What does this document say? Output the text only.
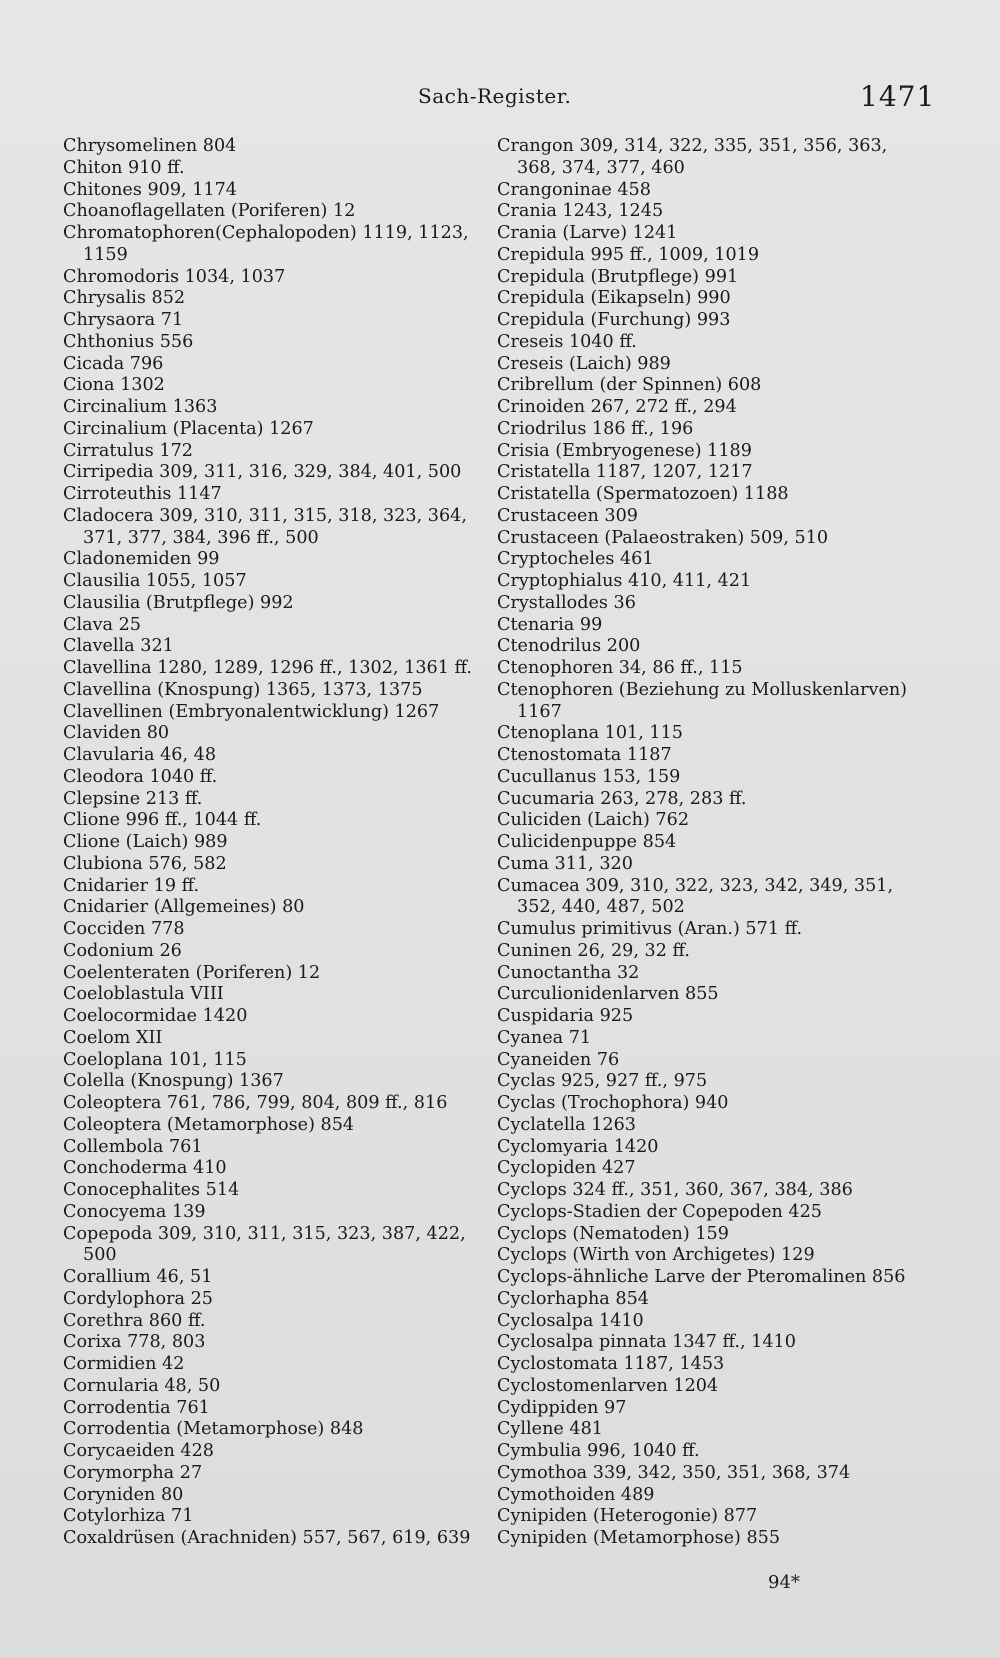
Sach-Register.	1471
Chrysomelinen 804
Chiton 910 ff.
Chitones 909, 1174
Choanoflagellaten (Poriferen) 12
Chromatophoren(Cephalopoden) 1119, 1123, 1159
Chromodoris 1034, 1037
Chrysalis 852
Chrysaora 71
Chthonius 556
Cicada 796
Ciona 1302
Circinalium 1363
Circinalium (Placenta) 1267
Cirratulus 172
Cirripedia 309, 311, 316, 329, 384, 401, 500
Cirroteuthis 1147
Cladocera 309, 310, 311, 315, 318, 323, 364, 371, 377, 384, 396 ff., 500
Cladonemiden 99
Clausilia 1055, 1057
Clausilia (Brutpflege) 992
Clava 25
Clavella 321
Clavellina 1280, 1289, 1296 ff., 1302, 1361 ff.
Clavellina (Knospung) 1365, 1373, 1375
Clavellinen (Embryonalentwicklung) 1267
Claviden 80
Clavularia 46, 48
Cleodora 1040 ff.
Clepsine 213 ff.
Clione 996 ff., 1044 ff.
Clione (Laich) 989
Clubiona 576, 582
Cnidarier 19 ff.
Cnidarier (Allgemeines) 80
Cocciden 778
Codonium 26
Coelenteraten (Poriferen) 12
Coeloblastula VIII
Coelocormidae 1420
Coelom XII
Coeloplana 101, 115
Colella (Knospung) 1367
Coleoptera 761, 786, 799, 804, 809 ff., 816
Coleoptera (Metamorphose) 854
Collembola 761
Conchoderma 410
Conocephalites 514
Conocyema 139
Copepoda 309, 310, 311, 315, 323, 387, 422, 500
Corallium 46, 51
Cordylophora 25
Corethra 860 ff.
Corixa 778, 803
Cormidien 42
Cornularia 48, 50
Corrodentia 761
Corrodentia (Metamorphose) 848
Corycaeiden 428
Corymorpha 27
Coryniden 80
Cotylorhiza 71
Coxaldrüsen (Arachniden) 557, 567, 619, 639
Crangon 309, 314, 322, 335, 351, 356, 363, 368, 374, 377, 460
Crangoninae 458
Crania 1243, 1245
Crania (Larve) 1241
Crepidula 995 ff., 1009, 1019
Crepidula (Brutpflege) 991
Crepidula (Eikapseln) 990
Crepidula (Furchung) 993
Creseis 1040 ff.
Creseis (Laich) 989
Cribrellum (der Spinnen) 608
Crinoiden 267, 272 ff., 294
Criodrilus 186 ff., 196
Crisia (Embryogenese) 1189
Cristatella 1187, 1207, 1217
Cristatella (Spermatozoen) 1188
Crustaceen 309
Crustaceen (Palaeostraken) 509, 510
Cryptocheles 461
Cryptophialus 410, 411, 421
Crystallodes 36
Ctenaria 99
Ctenodrilus 200
Ctenophoren 34, 86 ff., 115
Ctenophoren (Beziehung zu Molluskenlarven) 1167
Ctenoplana 101, 115
Ctenostomata 1187
Cucullanus 153, 159
Cucumaria 263, 278, 283 ff.
Culiciden (Laich) 762
Culicidenpuppe 854
Cuma 311, 320
Cumacea 309, 310, 322, 323, 342, 349, 351, 352, 440, 487, 502
Cumulus primitivus (Aran.) 571 ff.
Cuninen 26, 29, 32 ff.
Cunoctantha 32
Curculionidenlarven 855
Cuspidaria 925
Cyanea 71
Cyaneiden 76
Cyclas 925, 927 ff., 975
Cyclas (Trochophora) 940
Cyclatella 1263
Cyclomyaria 1420
Cyclopiden 427
Cyclops 324 ff., 351, 360, 367, 384, 386
Cyclops-Stadien der Copepoden 425
Cyclops (Nematoden) 159
Cyclops (Wirth von Archigetes) 129
Cyclops-ähnliche Larve der Pteromalinen 856
Cyclorhapha 854
Cyclosalpa 1410
Cyclosalpa pinnata 1347 ff., 1410
Cyclostomata 1187, 1453
Cyclostomenlarven 1204
Cydippiden 97
Cyllene 481
Cymbulia 996, 1040 ff.
Cymothoa 339, 342, 350, 351, 368, 374
Cymothoiden 489
Cynipiden (Heterogonie) 877
Cynipiden (Metamorphose) 855
94*
